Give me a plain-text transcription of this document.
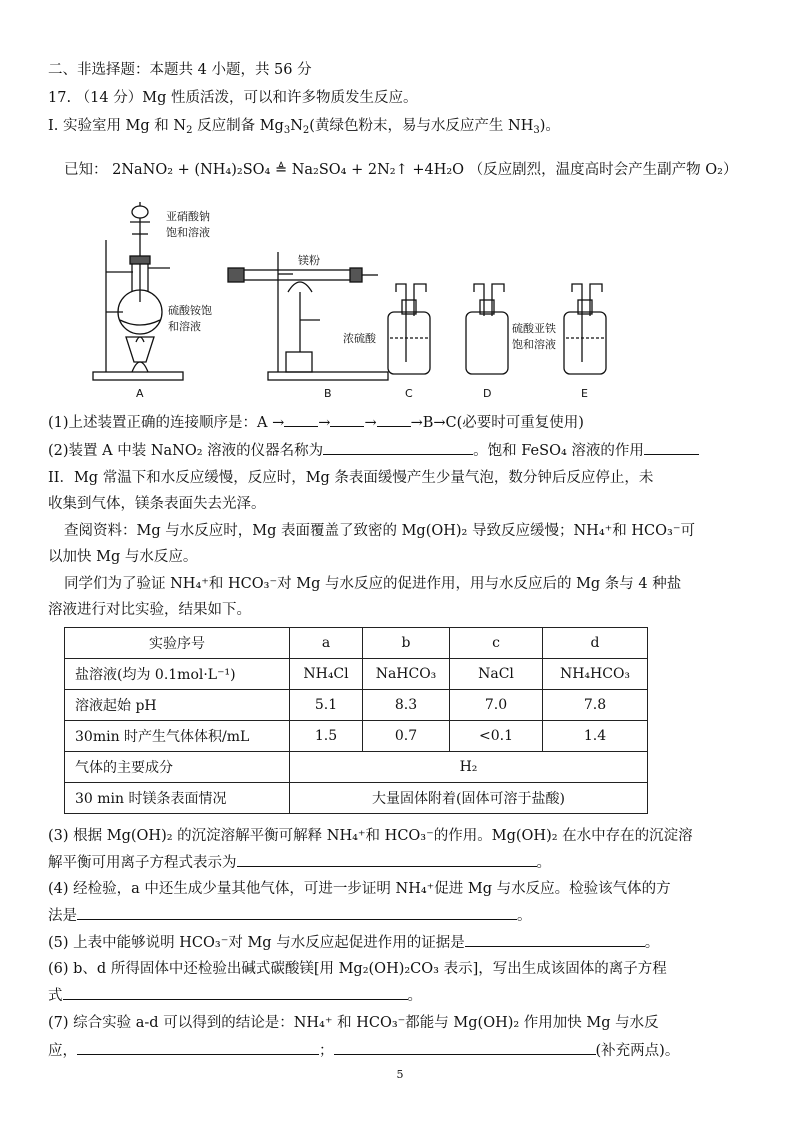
二、非选择题：本题共 4 小题，共 56 分
17. （14 分）Mg 性质活泼，可以和许多物质发生反应。
I. 实验室用 Mg 和 $N_2$ 反应制备 $Mg_3N_2$(黄绿色粉末，易与水反应产生 $NH_3$)。
已知： 2NaNO₂ + (NH₄)₂SO₄ ≜ Na₂SO₄ + 2N₂↑ +4H₂O （反应剧烈，温度高时会产生副产物 O₂）
亚硝酸钠
饱和溶液
硫酸铵饱
和溶液
镁粉
浓硫酸
硫酸亚铁
饱和溶液
A	B	C	D	E
(1)上述装置正确的连接顺序是：A → → → →B→C(必要时可重复使用)
(2)装置 A 中装 NaNO₂ 溶液的仪器名称为	。饱和 FeSO₄ 溶液的作用
II．Mg 常温下和水反应缓慢，反应时，Mg 条表面缓慢产生少量气泡，数分钟后反应停止，未
收集到气体，镁条表面失去光泽。
查阅资料：Mg 与水反应时，Mg 表面覆盖了致密的 Mg(OH)₂ 导致反应缓慢；NH₄⁺和 HCO₃⁻可
以加快 Mg 与水反应。
同学们为了验证 NH₄⁺和 HCO₃⁻对 Mg 与水反应的促进作用，用与水反应后的 Mg 条与 4 种盐
溶液进行对比实验，结果如下。
实验序号	a	b	c	d
盐溶液(均为 0.1mol·L⁻¹)	NH₄Cl	NaHCO₃	NaCl	NH₄HCO₃
溶液起始 pH	5.1	8.3	7.0	7.8
30min 时产生气体体积/mL	1.5	0.7	<0.1	1.4
气体的主要成分	H₂			
30 min 时镁条表面情况	大量固体附着(固体可溶于盐酸)			
(3) 根据 Mg(OH)₂ 的沉淀溶解平衡可解释 NH₄⁺和 HCO₃⁻的作用。Mg(OH)₂ 在水中存在的沉淀溶
解平衡可用离子方程式表示为	。
(4) 经检验，a 中还生成少量其他气体，可进一步证明 NH₄⁺促进 Mg 与水反应。检验该气体的方
法是	。
(5) 上表中能够说明 HCO₃⁻对 Mg 与水反应起促进作用的证据是	。
(6) b、d 所得固体中还检验出碱式碳酸镁[用 Mg₂(OH)₂CO₃ 表示]，写出生成该固体的离子方程
式	。
(7) 综合实验 a-d 可以得到的结论是：NH₄⁺ 和 HCO₃⁻都能与 Mg(OH)₂ 作用加快 Mg 与水反
应，	；	(补充两点)。
5
